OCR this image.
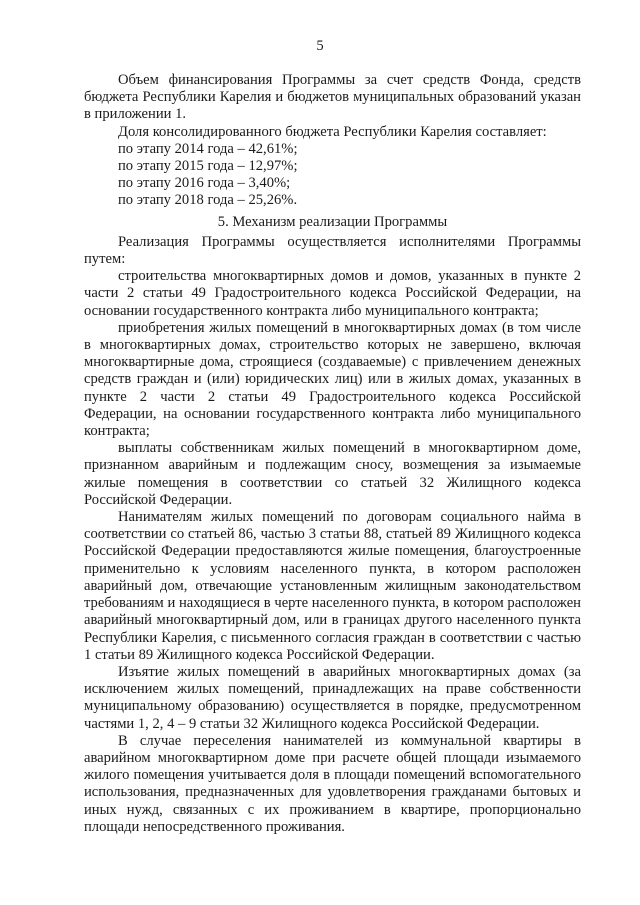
5

Объем финансирования Программы за счет средств Фонда, средств бюджета Республики Карелия и бюджетов муниципальных образований указан в приложении 1.

Доля консолидированного бюджета Республики Карелия составляет:

по этапу 2014 года – 42,61%;

по этапу 2015 года – 12,97%;

по этапу 2016 года – 3,40%;

по этапу 2018 года – 25,26%.

5. Механизм реализации Программы

Реализация Программы осуществляется исполнителями Программы путем:

строительства многоквартирных домов и домов, указанных в пункте 2 части 2 статьи 49 Градостроительного кодекса Российской Федерации, на основании государственного контракта либо муниципального контракта;

приобретения жилых помещений в многоквартирных домах (в том числе в многоквартирных домах, строительство которых не завершено, включая многоквартирные дома, строящиеся (создаваемые) с привлечением денежных средств граждан и (или) юридических лиц) или в жилых домах, указанных в пункте 2 части 2 статьи 49 Градостроительного кодекса Российской Федерации, на основании государственного контракта либо муниципального контракта;

выплаты собственникам жилых помещений в многоквартирном доме, признанном аварийным и подлежащим сносу, возмещения за изымаемые жилые помещения в соответствии со статьей 32 Жилищного кодекса Российской Федерации.

Нанимателям жилых помещений по договорам социального найма в соответствии со статьей 86, частью 3 статьи 88, статьей 89 Жилищного кодекса Российской Федерации предоставляются жилые помещения, благоустроенные применительно к условиям населенного пункта, в котором расположен аварийный дом, отвечающие установленным жилищным законодательством требованиям и находящиеся в черте населенного пункта, в котором расположен аварийный многоквартирный дом, или в границах другого населенного пункта Республики Карелия, с письменного согласия граждан в соответствии с частью 1 статьи 89 Жилищного кодекса Российской Федерации.

Изъятие жилых помещений в аварийных многоквартирных домах (за исключением жилых помещений, принадлежащих на праве собственности муниципальному образованию) осуществляется в порядке, предусмотренном частями 1, 2, 4 – 9 статьи 32 Жилищного кодекса Российской Федерации.

В случае переселения нанимателей из коммунальной квартиры в аварийном многоквартирном доме при расчете общей площади изымаемого жилого помещения учитывается доля в площади помещений вспомогательного использования, предназначенных для удовлетворения гражданами бытовых и иных нужд, связанных с их проживанием в квартире, пропорционально площади непосредственного проживания.
